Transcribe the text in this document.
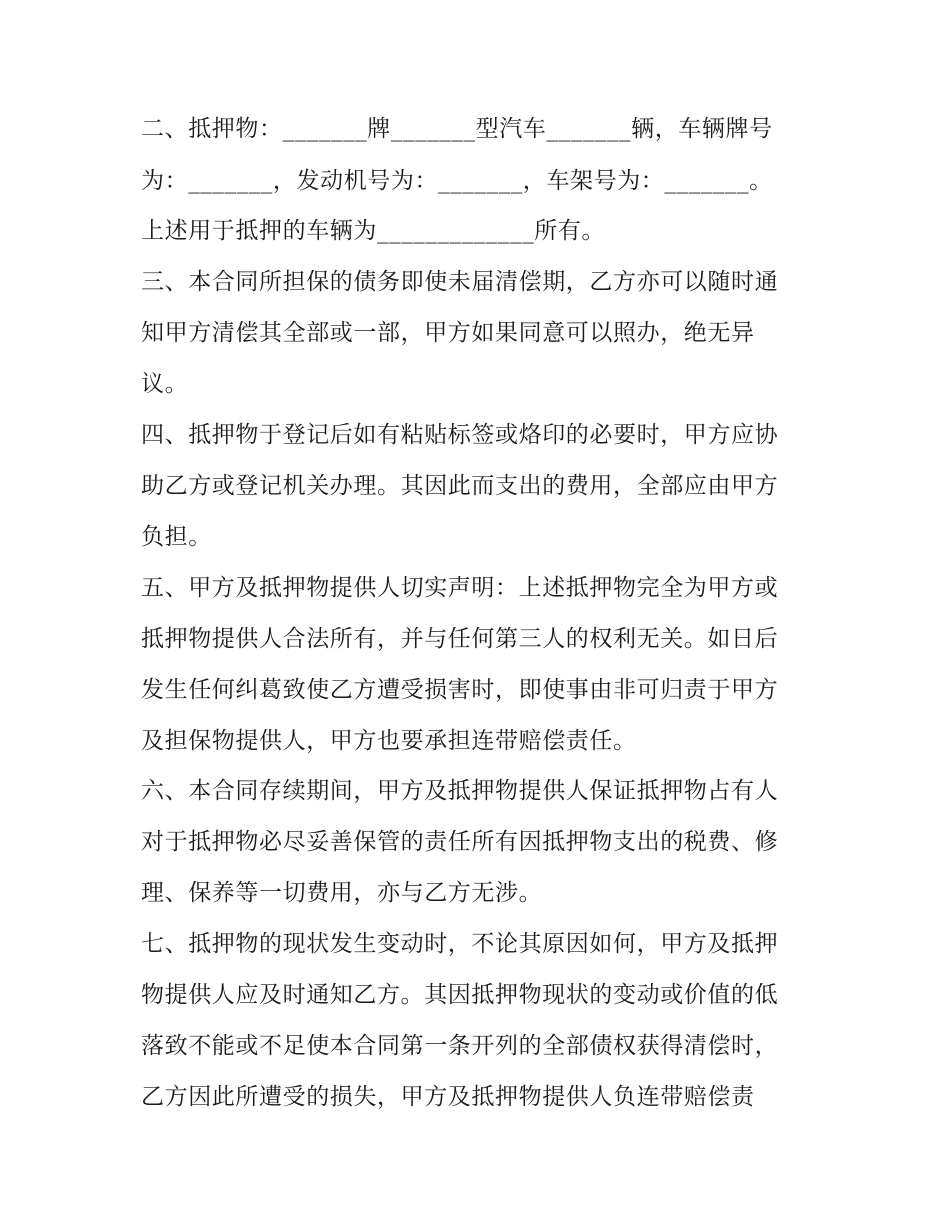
二、抵押物：_______牌_______型汽车_______辆，车辆牌号

为：_______，发动机号为：_______，车架号为：_______。

上述用于抵押的车辆为_____________所有。

三、本合同所担保的债务即使未届清偿期，乙方亦可以随时通

知甲方清偿其全部或一部，甲方如果同意可以照办，绝无异

议。

四、抵押物于登记后如有粘贴标签或烙印的必要时，甲方应协

助乙方或登记机关办理。其因此而支出的费用，全部应由甲方

负担。

五、甲方及抵押物提供人切实声明：上述抵押物完全为甲方或

抵押物提供人合法所有，并与任何第三人的权利无关。如日后

发生任何纠葛致使乙方遭受损害时，即使事由非可归责于甲方

及担保物提供人，甲方也要承担连带赔偿责任。

六、本合同存续期间，甲方及抵押物提供人保证抵押物占有人

对于抵押物必尽妥善保管的责任所有因抵押物支出的税费、修

理、保养等一切费用，亦与乙方无涉。

七、抵押物的现状发生变动时，不论其原因如何，甲方及抵押

物提供人应及时通知乙方。其因抵押物现状的变动或价值的低

落致不能或不足使本合同第一条开列的全部债权获得清偿时，

乙方因此所遭受的损失，甲方及抵押物提供人负连带赔偿责
